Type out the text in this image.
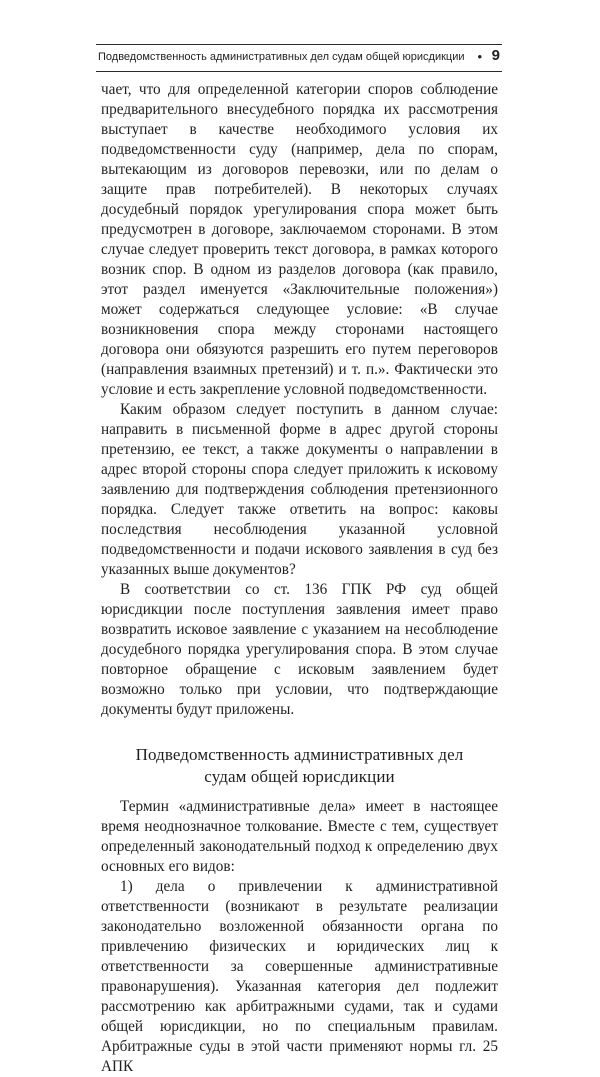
Подведомственность административных дел судам общей юрисдикции • 9

чает, что для определенной категории споров соблюдение предварительного внесудебного порядка их рассмотрения выступает в качестве необходимого условия их подведомственности суду (например, дела по спорам, вытекающим из договоров перевозки, или по делам о защите прав потребителей). В некоторых случаях досудебный порядок урегулирования спора может быть предусмотрен в договоре, заключаемом сторонами. В этом случае следует проверить текст договора, в рамках которого возник спор. В одном из разделов договора (как правило, этот раздел именуется «Заключительные положения») может содержаться следующее условие: «В случае возникновения спора между сторонами настоящего договора они обязуются разрешить его путем переговоров (направления взаимных претензий) и т. п.». Фактически это условие и есть закрепление условной подведомственности.

Каким образом следует поступить в данном случае: направить в письменной форме в адрес другой стороны претензию, ее текст, а также документы о направлении в адрес второй стороны спора следует приложить к исковому заявлению для подтверждения соблюдения претензионного порядка. Следует также ответить на вопрос: каковы последствия несоблюдения указанной условной подведомственности и подачи искового заявления в суд без указанных выше документов?

В соответствии со ст. 136 ГПК РФ суд общей юрисдикции после поступления заявления имеет право возвратить исковое заявление с указанием на несоблюдение досудебного порядка урегулирования спора. В этом случае повторное обращение с исковым заявлением будет возможно только при условии, что подтверждающие документы будут приложены.

Подведомственность административных дел
судам общей юрисдикции

Термин «административные дела» имеет в настоящее время неоднозначное толкование. Вместе с тем, существует определенный законодательный подход к определению двух основных его видов:

1) дела о привлечении к административной ответственности (возникают в результате реализации законодательно возложенной обязанности органа по привлечению физических и юридических лиц к ответственности за совершенные административные правонарушения). Указанная категория дел подлежит рассмотрению как арбитражными судами, так и судами общей юрисдикции, но по специальным правилам. Арбитражные суды в этой части применяют нормы гл. 25 АПК
